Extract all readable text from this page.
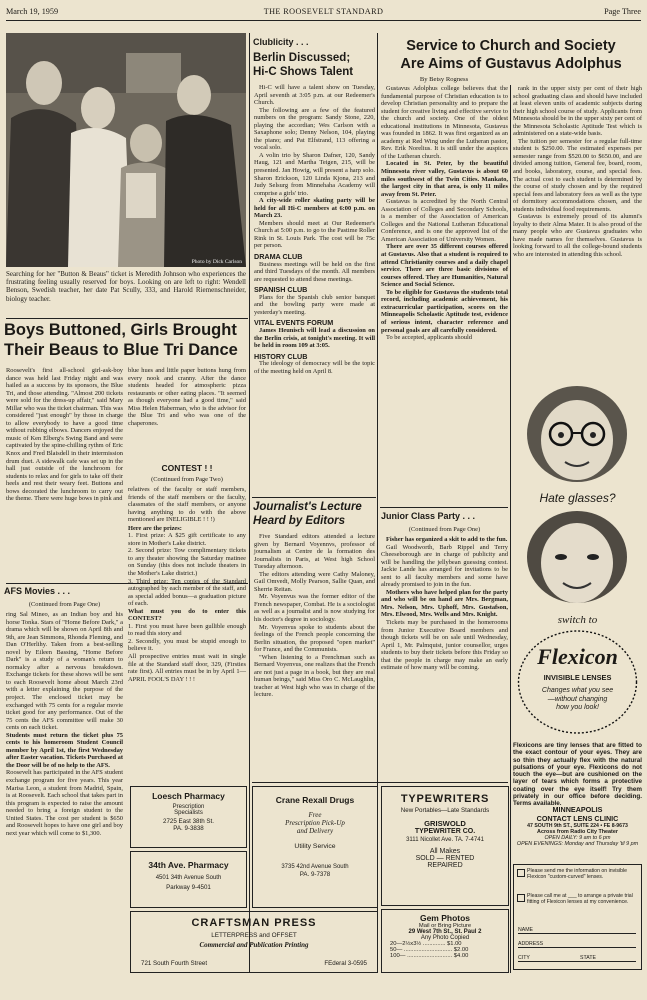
March 19, 1959	THE ROOSEVELT STANDARD	Page Three
Photo by Dick Carlson
Searching for her "Button & Beaus" ticket is Meredith Johnson who experiences the frustrating feeling usually reserved for boys. Looking on are left to right: Wendell Benson, Swedish teacher, her date Pat Scully, 333, and Harold Riemenschneider, biology teacher.
Boys Buttoned, Girls Brought
Their Beaus to Blue Tri Dance
Roosevelt's first all-school girl-ask-boy dance was held last Friday night and was hailed as a success by its sponsors, the Blue Tri, and those attending. "Almost 200 tickets were sold for the dress-up affair," said Mary Millar who was the ticket chairman. This was considered "just enough" by those in charge to allow everybody to have a good time without rubbing elbows. Dancers enjoyed the music of Ken Elberg's Swing Band and were captivated by the spine-chilling rythm of Eric Knox and Fred Blaisdell in their intermission drum duet. A sidewalk cafe was set up in the hall just outside of the lunchroom for students to relax and for girls to take off their heels and rest their weary feet. Buttons and bows decorated the lunchroom to carry out the theme. There were huge bows in pink and
blue hues and little paper buttons hung from every nook and cranny. After the dance students headed for atmospheric pizza restaurants or other eating places. "It seemed as though everyone had a good time," said Miss Helen Haberman, who is the advisor for the Blue Tri and who was one of the chaperones.
CONTEST ! !
(Continued from Page Two)
relatives of the faculty or staff members, friends of the staff members or the faculty, classmates of the staff members, or anyone having anything to do with the above mentioned are INELIGIBLE ! ! !)
Here are the prizes:
1. First prize: A $25 gift certificate to any store in Mother's Lake district.
2. Second prize: Tow complimentary tickets to any theater showing the Saturday matinee on Sunday (this does not include theaters in the Mother's Lake district.)
3. Third prize: Ten copies of the Standard autographed by each member of the staff, and as special added bonus—a graduation picture of each.
What must you do to enter this CONTEST?
1. First you must have been gullible enough to read this story and
2. Secondly, you must be stupid enough to believe it.
All prospective entries must wait in single file at the Standard staff door, 329, (Firsties rate first). All entries must be in by April 1—APRIL FOOL'S DAY ! ! !
AFS Movies . . .
(Continued from Page One)
ring Sal Mineo, as an Indian boy and his horse Tonka. Stars of "Home Before Dark," a drama which will be shown on April 8th and 9th, are Jean Simmons, Rhonda Fleming, and Dan O'Herlihy. Taken from a best-selling novel by Eileen Bassing, "Home Before Dark" is a study of a woman's return to normalcy after a nervous breakdown. Exchange tickets for these shows will be sent to each Roosevelt home about March 23rd with a letter explaining the purpose of the project. The enclosed ticket may be exchanged with 75 cents for a regular movie ticket good for any performance. Out of the 75 cents the AFS committee will make 30 cents on each ticket.
Students must return the ticket plus 75 cents to his homeroom Student Council member by April 1st, the first Wednesday after Easter vacation. Tickets Purchased at the Door will be of no help to the AFS.
Roosevelt has participated in the AFS student exchange program for five years. This year Marisa Leon, a student from Madrid, Spain, is at Roosevelt. Each school that takes part in this program is expected to raise the amount needed to bring a foreign student to the United States. The cost per student is $650 and Roosevelt hopes to have one girl and boy next year which will come to $1,300.
Loesch Pharmacy
Prescription
Specialists
2725 East 38th St.
PA. 9-3838
34th Ave. Pharmacy
4501 34th Avenue South
Parkway 9-4501
Crane Rexall Drugs
Free
Prescription Pick-Up
and Delivery
Utility Service
3735 42nd Avenue South
PA. 9-7378
CRAFTSMAN PRESS
LETTERPRESS and OFFSET
Commercial and Publication Printing
721 South Fourth Street	FEderal 3-0595
Clublicity . . .
Berlin Discussed;
Hi-C Shows Talent

Hi-C will have a talent show on Tuesday, April seventh at 3:05 p.m. at our Redeemer's Church.

The following are a few of the featured numbers on the program: Sandy Stone, 220, playing the accordian; Wes Carlson with a Saxaphone solo; Denny Nelson, 104, playing the piano; and Pat Elfstrand, 113 offering a vocal solo.

A volin trio by Sharon Dafner, 120, Sandy Haug, 121 and Martha Teigen, 215, will be presented. Jan Howig, will present a harp solo. Sharon Erickson, 120 Linda Kjona, 213 and Judy Selsurg from Minnehaha Academy will comprise a girls' trio.

A city-wide roller skating party will be held for all Hi-C members at 6:00 p.m. on March 23.

Members should meet at Our Redeemer's Church at 5:00 p.m. to go to the Pastime Roller Rink in St. Louis Park. The cost will be 75c per person.

DRAMA CLUB

Business meetings will be held on the first and third Tuesdays of the month. All members are requested to attend these meetings.

SPANISH CLUB

Plans for the Spanish club senior banquet and the bowling party were made at yesterday's meeting.

VITAL EVENTS FORUM

James Heunisch will lead a discussion on the Berlin crisis, at tonight's meeting. It will be held in room 109 at 3:05.

HISTORY CLUB

The ideology of democracy will be the topic of the meeting held on April 8.

Journalist's Lecture
Heard by Editors

Five Standard editors attended a lecture given by Bernard Voyennvs, professor of journalism at Centre de la formation des Journalists in Paris, at West high School Tuesday afternoon.

The editors attending were Cathy Maloney, Gail Omvedt, Molly Pearson, Sallie Quan, and Sherrie Reitan.

Mr. Voyenvus was the former editor of the French newspaper, Combat. He is a sociologist as well as a journalist and is now studying for his doctor's degree in sociology.

Mr. Voyenvus spoke to students about the feelings of the French people concerning the Berlin situation, the proposed "open market" for France, and the Communists.

"When listening to a Frenchman such as Bernard Voyenvus, one realizes that the French are not just a page in a book, but they are real human beings," said Miss Oro C. McLaughlin, teacher at West high who was in charge of the lecture.

Service to Church and Society
Are Aims of Gustavus Adolphus
By Betsy Rogness

Gustavus Adolphus college believes that the fundamental purpose of Christian education is to develop Christian personality and to prepare the student for creative living and effective service to the church and society. One of the oldest educational institutions in Minnesota, Gustavus was founded in 1862. It was first organized as an academy at Red Wing under the Lutheran pastor, Rev. Erik Norelius. It is still under the auspices of the Lutheran church.

Located in St. Peter, by the beautiful Minnesota river valley, Gustavus is about 60 miles southwest of the Twin Cities. Mankato, the largest city in that area, is only 11 miles away from St. Peter.

Gustavus is accredited by the North Central Association of Colleges and Secondary Schools, is a member of the Association of American Colleges and the National Lutheran Educational Conference, and is one the approved list of the American Association of University Women.

There are over 35 different courses offered at Gustavus. Also that a student is required to attend Christianity courses and a daily chapel service. There are three basic divisions of courses offered. They are Humanities, Natural Science and Social Science.

To be eligible for Gustavus the students total record, including academic achievement, his extracurricular participation, scores on the Minneapolis Scholastic Aptitude test, evidence of serious intent, character reference and personal goals are all carefully considered.

To be accepted, applicants should

rank in the upper sixty per cent of their high school graduating class and should have included at least eleven units of academic subjects during their high school course of study. Applicants from Minnesota should be in the upper sixty per cent of the Minnesota Scholastic Aptitude Test which is administered on a state-wide basis.

The tuition per semester for a regular full-time student is $250.00. The estimated expenses per semester range from $520.00 to $650.00, and are divided among tuition, General fee, board, room, and books, laboratory, course, and special fees. The actual cost to each student is determined by the course of study chosen and by the required special fees and laboratory fees as well as the type of dormitory accommodations chosen, and the students individual food requirements.

Gustavus is extremely proud of its alumni's loyalty to their Alma Mater. It is also proud of the many people who are Gustavus graduates who have made names for themselves. Gustavus is looking forward to all the college-bound students who are interested in attending this school.

Junior Class Party . . .
(Continued from Page One)

Fisher has organized a skit to add to the fun.

Gail Woodworth, Barb Rippel and Terry Cheeseborough are in charge of publicity and will be handling the jellybean guessing contest. Jackie Lande has arranged for invitations to be sent to all faculty members and some have already promised to join in the fun.

Mothers who have helped plan for the party and who will be on hand are Mrs. Bergman, Mrs. Nelson, Mrs. Uphoff, Mrs. Gustafson, Mrs. Elwood, Mrs. Wells and Mrs. Knight.

Tickets may be purchased in the homerooms from Junior Executive Board members and though tickets will be on sale until Wednesday, April 1, Mr. Palmquist, junior counsellor, urges students to buy their tickets before this Friday so that the people in charge may make an early estimate of how many will be coming.

TYPEWRITERS
New Portables—Late Standards
GRISWOLD
TYPEWRITER CO.
3111 Nicollet Ave. TA. 7-4741
All Makes
SOLD — RENTED
REPAIRED
Gem Photos
Mail or Bring Picture
29 West 7th St., St. Paul 2
Any Photo Copied
20—2½x3½ .............. $1.00
50— .............................. $2.00
100— ............................ $4.00
Hate glasses?
switch to
Flexicon
INVISIBLE LENSES
Changes what you see
—without changing
how you look!
Flexicons are tiny lenses that are fitted to the exact contour of your eyes. They are so thin they actually flex with the natural pulsations of your eye. Flexicons do not touch the eye—but are cushioned on the layer of tears which forms a protective coating over the eye itself! Try them privately in our office before deciding. Terms available.
MINNEAPOLIS
CONTACT LENS CLINIC
47 SOUTH 9th ST., SUITE 224 • FE 8-9673
Across from Radio City Theater
OPEN DAILY: 9 am to 6 pm
OPEN EVENINGS: Monday and Thursday 'til 9 pm
Please send me the information on invisible Flexicon "custom-curved" lenses.
Please call me at ___ to arrange a private trial fitting of Flexicon lenses at my convenience.
NAME
ADDRESS
CITY	STATE
